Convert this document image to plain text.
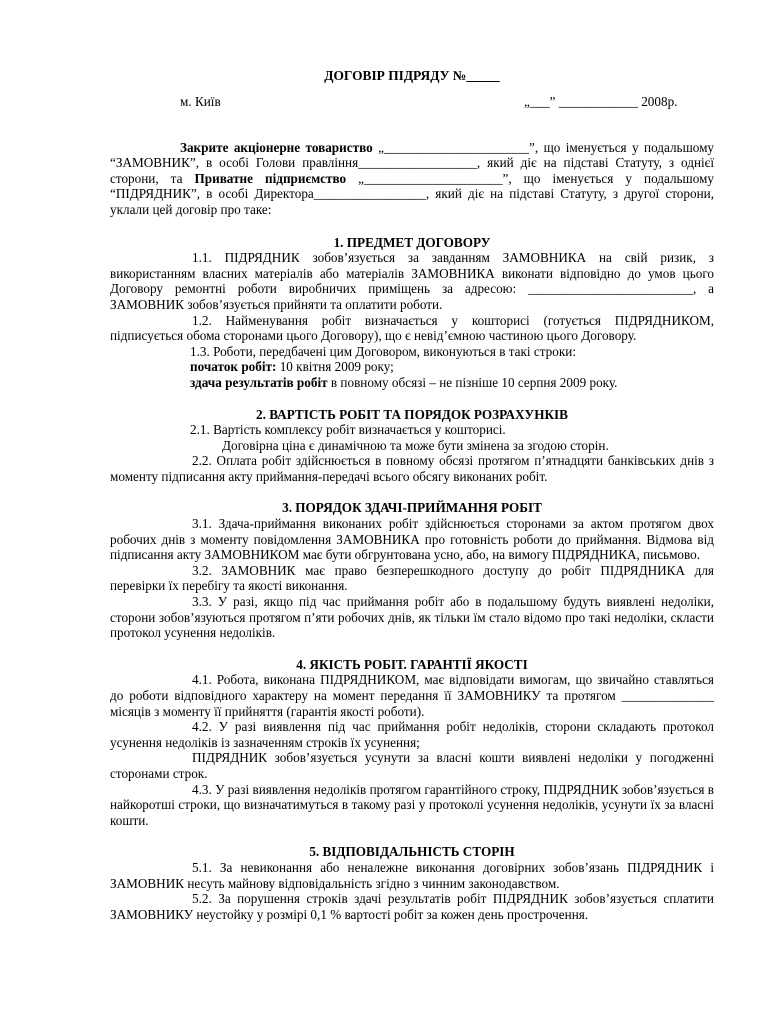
ДОГОВІР ПІДРЯДУ №_____

м. Київ	„___” ____________ 2008р.

Закрите акціонерне товариство „______________________”, що іменується у подальшому “ЗАМОВНИК”, в особі Голови правління__________________, який діє на підставі Статуту, з однієї сторони, та Приватне підприємство „_____________________”, що іменується у подальшому “ПІДРЯДНИК”, в особі Директора_________________, який діє на підставі Статуту, з другої сторони, уклали цей договір про таке:

1. ПРЕДМЕТ ДОГОВОРУ

1.1. ПІДРЯДНИК зобов’язується за завданням ЗАМОВНИКА на свій ризик, з використанням власних матеріалів або матеріалів ЗАМОВНИКА виконати відповідно до умов цього Договору ремонтні роботи виробничих приміщень за адресою: _________________________, а ЗАМОВНИК зобов’язується прийняти та оплатити роботи.

1.2. Найменування робіт визначається у кошторисі (готується ПІДРЯДНИКОМ, підписується обома сторонами цього Договору), що є невід’ємною частиною цього Договору.

1.3. Роботи, передбачені цим Договором, виконуються в такі строки:

початок робіт: 10 квітня 2009 року;

здача результатів робіт в повному обсязі – не пізніше 10 серпня 2009 року.

2. ВАРТІСТЬ РОБІТ ТА ПОРЯДОК РОЗРАХУНКІВ

2.1. Вартість комплексу робіт визначається у кошторисі.

Договірна ціна є динамічною та може бути змінена за згодою сторін.

2.2. Оплата робіт здійснюється в повному обсязі протягом п’ятнадцяти банківських днів з моменту підписання акту приймання-передачі всього обсягу виконаних робіт.

3. ПОРЯДОК ЗДАЧІ-ПРИЙМАННЯ РОБІТ

3.1. Здача-приймання виконаних робіт здійснюється сторонами за актом протягом двох робочих днів з моменту повідомлення ЗАМОВНИКА про готовність роботи до приймання. Відмова від підписання акту ЗАМОВНИКОМ має бути обгрунтована усно, або, на вимогу ПІДРЯДНИКА, письмово.

3.2. ЗАМОВНИК має право безперешкодного доступу до робіт ПІДРЯДНИКА для перевірки їх перебігу та якості виконання.

3.3. У разі, якщо під час приймання робіт або в подальшому будуть виявлені недоліки, сторони зобов’язуються протягом п’яти робочих днів, як тільки їм стало відомо про такі недоліки, скласти протокол усунення недоліків.

4. ЯКІСТЬ РОБІТ. ГАРАНТІЇ ЯКОСТІ

4.1. Робота, виконана ПІДРЯДНИКОМ, має відповідати вимогам, що звичайно ставляться до роботи відповідного характеру на момент передання її ЗАМОВНИКУ та протягом ______________ місяців з моменту її прийняття (гарантія якості роботи).

4.2. У разі виявлення під час приймання робіт недоліків, сторони складають протокол усунення недоліків із зазначенням строків їх усунення;

ПІДРЯДНИК зобов’язується усунути за власні кошти виявлені недоліки у погодженні сторонами строк.

4.3. У разі виявлення недоліків протягом гарантійного строку, ПІДРЯДНИК зобов’язується в найкоротші строки, що визначатимуться в такому разі у протоколі усунення недоліків, усунути їх за власні кошти.

5. ВІДПОВІДАЛЬНІСТЬ СТОРІН

5.1. За невиконання або неналежне виконання договірних зобов’язань ПІДРЯДНИК і ЗАМОВНИК несуть майнову відповідальність згідно з чинним законодавством.

5.2. За порушення строків здачі результатів робіт ПІДРЯДНИК зобов’язується сплатити ЗАМОВНИКУ неустойку у розмірі 0,1 % вартості робіт за кожен день прострочення.
